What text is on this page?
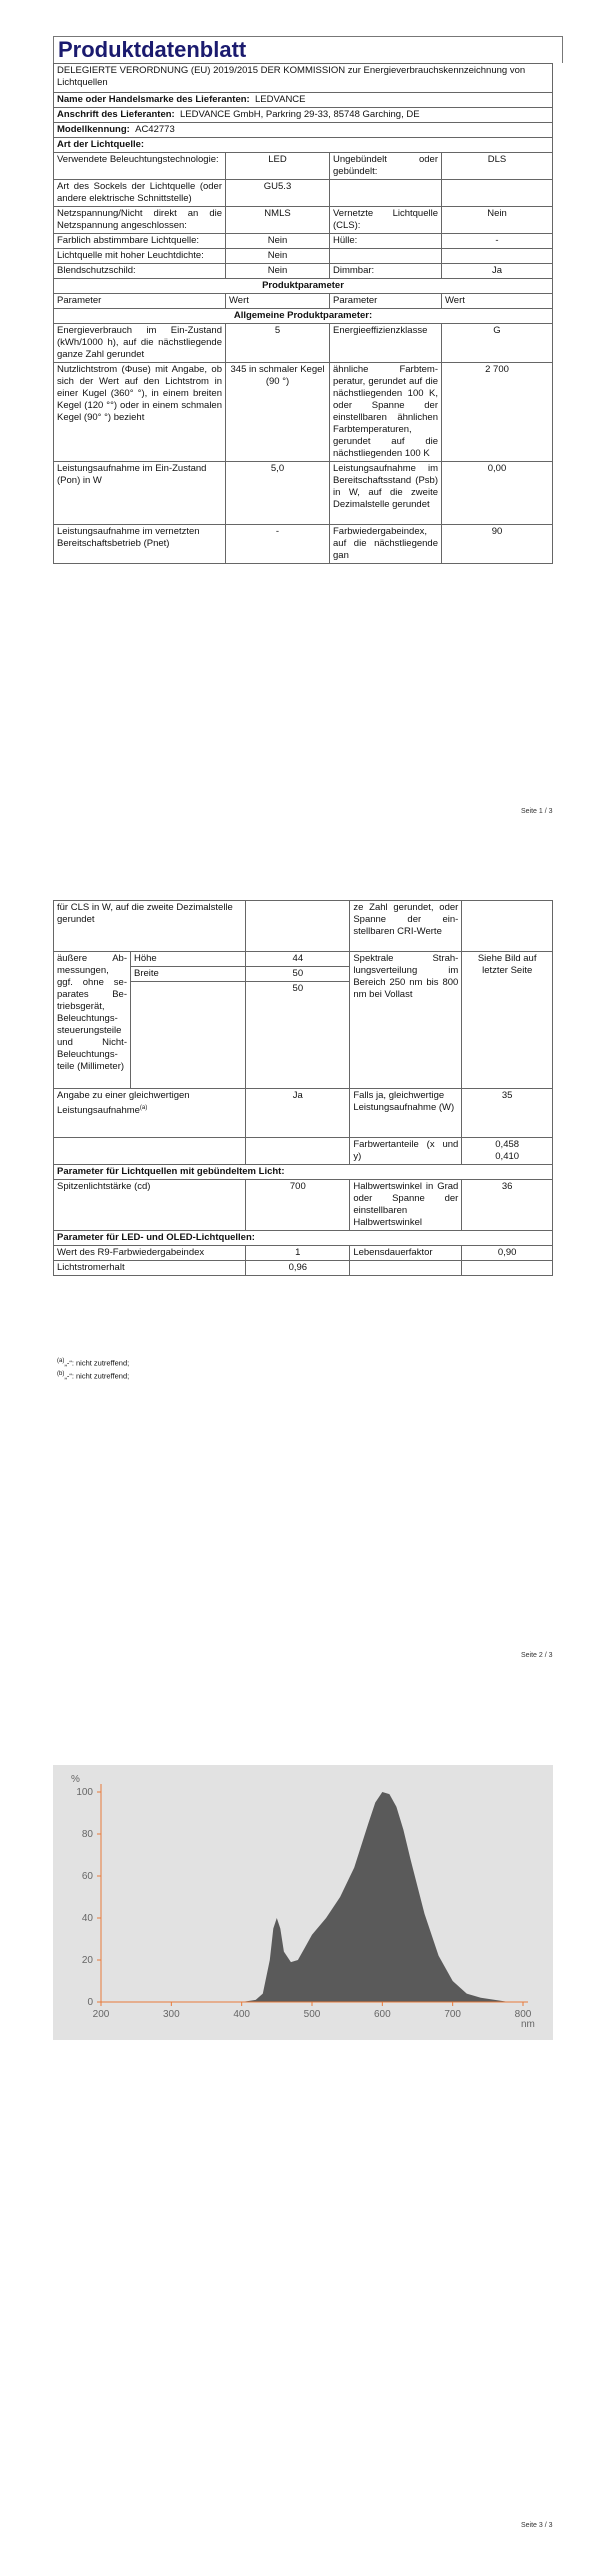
Produktdatenblatt
DELEGIERTE VERORDNUNG (EU) 2019/2015 DER KOMMISSION zur Energieverbrauchskennzeichnung von Lichtquellen			
Name oder Handelsmarke des Lieferanten: LEDVANCE			
Anschrift des Lieferanten: LEDVANCE GmbH, Parkring 29-33, 85748 Garching, DE			
Modellkennung: AC42773			
Art der Lichtquelle:			
Verwendete Beleuchtungstechnologie:	LED	Ungebündelt oder gebündelt:	DLS
Art des Sockels der Lichtquelle (oder andere elektrische Schnittstelle)	GU5.3		
Netzspannung/Nicht direkt an die Netzspannung angeschlossen:	NMLS	Vernetzte Lichtquelle (CLS):	Nein
Farblich abstimmbare Lichtquelle:	Nein	Hülle:	-
Lichtquelle mit hoher Leuchtdichte:	Nein		
Blendschutzschild:	Nein	Dimmbar:	Ja
Produktparameter			
Parameter	Wert	Parameter	Wert
Allgemeine Produktparameter:			
Energieverbrauch im Ein-Zustand (kWh/1000 h), auf die nächstliegende ganze Zahl gerundet	5	Energieeffizienzklasse	G
Nutzlichtstrom (Φuse) mit Angabe, ob sich der Wert auf den Lichtstrom in einer Kugel (360° °), in einem breiten Kegel (120 °°) oder in einem schmalen Kegel (90° °) bezieht	345 in schmaler Kegel (90 °)	ähnliche Farbtemperatur, gerundet auf die nächstliegenden 100 K, oder Spanne der einstellbaren ähnlichen Farbtemperaturen, gerundet auf die nächstliegenden 100 K	2 700
Leistungsaufnahme im Ein-Zustand (Pon) in W	5,0	Leistungsaufnahme im Bereitschaftsstand (Psb) in W, auf die zweite Dezimalstelle gerundet	0,00
Leistungsaufnahme im vernetzten Bereitschaftsbetrieb (Pnet)	-	Farbwiedergabeindex, auf die nächstliegende gan	90
Seite 1 / 3
für CLS in W, auf die zweite Dezimalstelle gerundet			ze Zahl gerundet, oder Spanne der einstellbaren CRI-Werte	
äußere Abmessungen, ggf. ohne separates Betriebsgerät, Beleuchtungssteuerungsteile und Nicht-Beleuchtungsteile (Millimeter)	Höhe	44	Spektrale Strahlungsverteilung im Bereich 250 nm bis 800 nm bei Vollast	Siehe Bild auf letzter Seite
	Breite	50		
		50		
Angabe zu einer gleichwertigen Leistungsaufnahme$^{(a)}$		Ja	Falls ja, gleichwertige Leistungsaufnahme (W)	35
			Farbwertanteile (x und y)	0,458
0,410
Parameter für Lichtquellen mit gebündeltem Licht:				
Spitzenlichtstärke (cd)		700	Halbwertswinkel in Grad oder Spanne der einstellbaren Halbwertswinkel	36
Parameter für LED- und OLED-Lichtquellen:				
Wert des R9-Farbwiedergabeindex		1	Lebensdauerfaktor	0,90
Lichtstromerhalt		0,96		
$^{(a)}$„-“: nicht zutreffend;
$^{(b)}$„-“: nicht zutreffend;
Seite 2 / 3
Seite 3 / 3
0
20
40
60
80
100
200	300	400	500	600	700	800
%
nm
